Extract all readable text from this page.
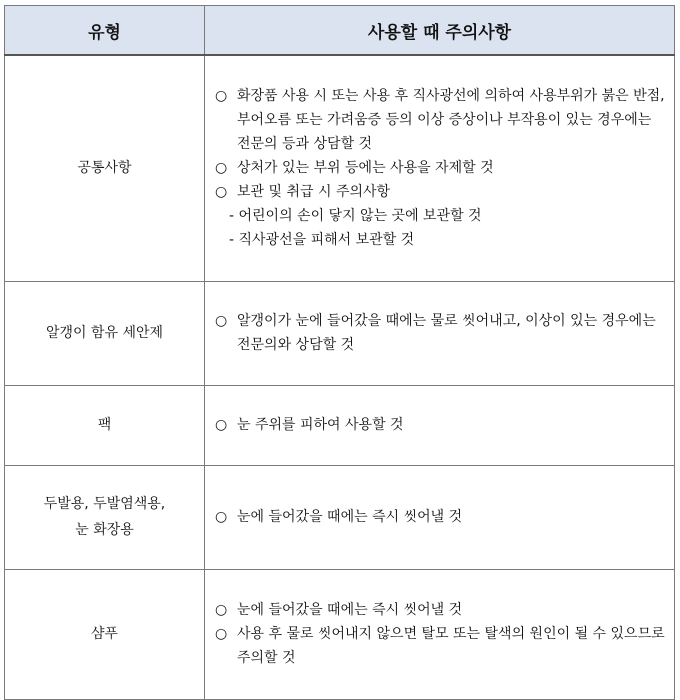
유형	사용할 때 주의사항

공통사항	○ 화장품 사용 시 또는 사용 후 직사광선에 의하여 사용부위가 붉은 반점, 부어오름 또는 가려움증 등의 이상 증상이나 부작용이 있는 경우에는 전문의 등과 상담할 것
○ 상처가 있는 부위 등에는 사용을 자제할 것
○ 보관 및 취급 시 주의사항
- 어린이의 손이 닿지 않는 곳에 보관할 것
- 직사광선을 피해서 보관할 것

알갱이 함유 세안제	○ 알갱이가 눈에 들어갔을 때에는 물로 씻어내고, 이상이 있는 경우에는 전문의와 상담할 것

팩	○ 눈 주위를 피하여 사용할 것

두발용, 두발염색용,
눈 화장용	○ 눈에 들어갔을 때에는 즉시 씻어낼 것

샴푸	○ 눈에 들어갔을 때에는 즉시 씻어낼 것
○ 사용 후 물로 씻어내지 않으면 탈모 또는 탈색의 원인이 될 수 있으므로 주의할 것
